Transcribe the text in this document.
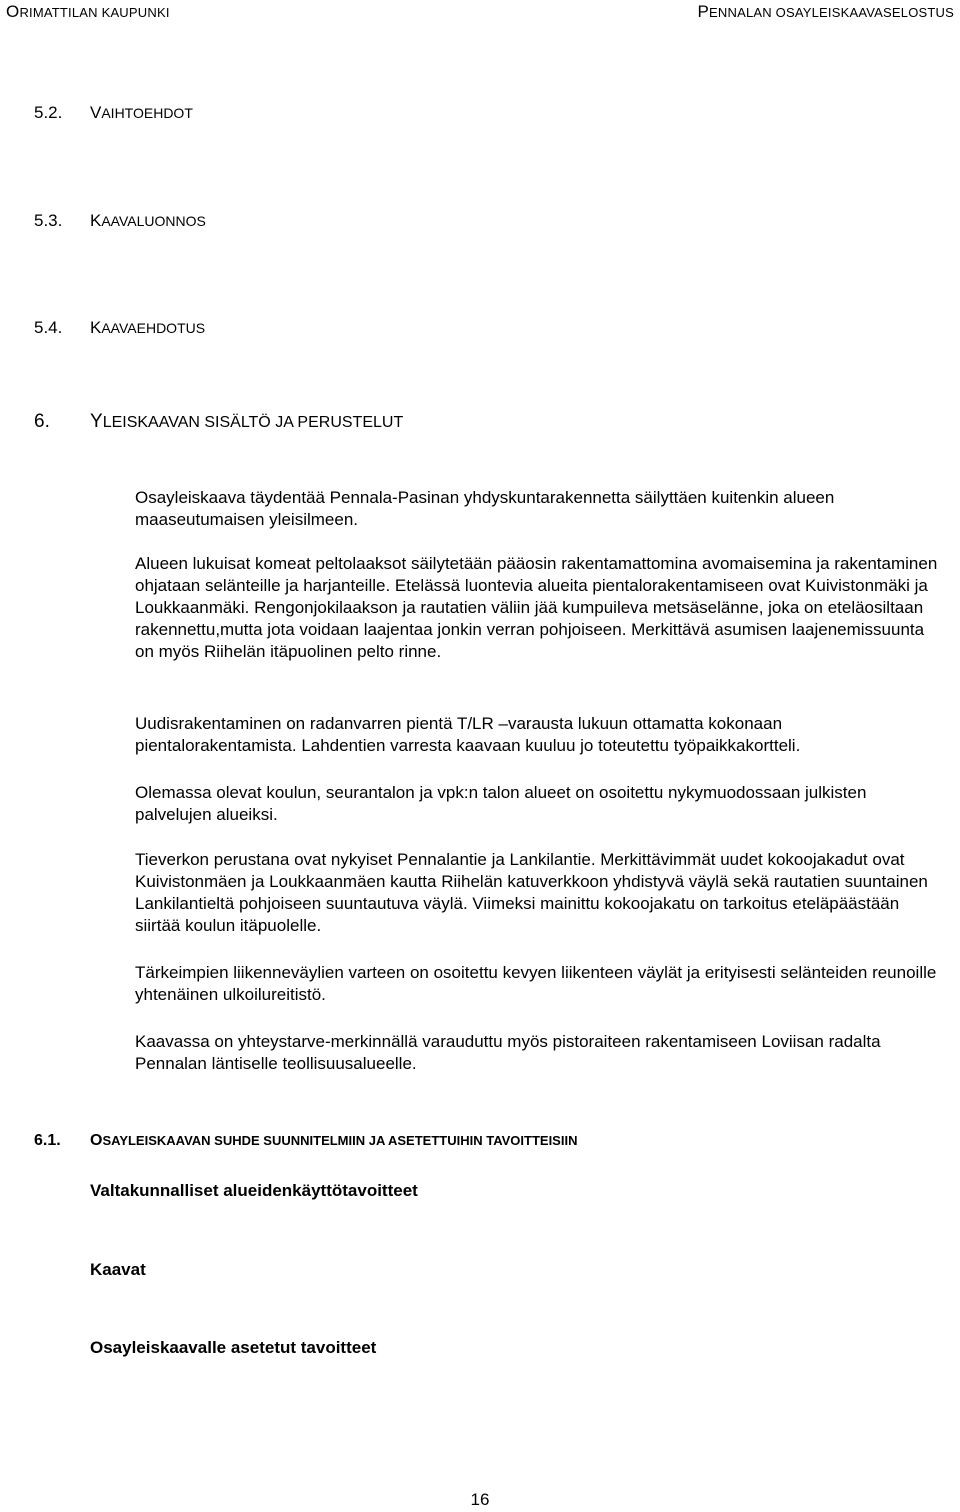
ORIMATTILAN KAUPUNKI	PENNALAN OSAYLEISKAAVASELOSTUS
5.2. VAIHTOEHDOT
5.3. KAAVALUONNOS
5.4. KAAVAEHDOTUS
6. YLEISKAAVAN SISÄLTÖ JA PERUSTELUT

Osayleiskaava täydentää Pennala-Pasinan yhdyskuntarakennetta säilyttäen kuitenkin alueen maaseutumaisen yleisilmeen.

Alueen lukuisat komeat peltolaaksot säilytetään pääosin rakentamattomina avomaisemina ja rakentaminen ohjataan selänteille ja harjanteille. Etelässä luontevia alueita pientalorakentamiseen ovat Kuivistonmäki ja Loukkaanmäki. Rengonjokilaakson ja rautatien väliin jää kumpuileva metsäselänne, joka on eteläosiltaan rakennettu,mutta jota voidaan laajentaa jonkin verran pohjoiseen. Merkittävä asumisen laajenemissuunta on myös Riihelän itäpuolinen pelto rinne.

Uudisrakentaminen on radanvarren pientä T/LR –varausta lukuun ottamatta kokonaan pientalorakentamista. Lahdentien varresta kaavaan kuuluu jo toteutettu työpaikkakortteli.

Olemassa olevat koulun, seurantalon ja vpk:n talon alueet on osoitettu nykymuodossaan julkisten palvelujen alueiksi.

Tieverkon perustana ovat nykyiset Pennalantie ja Lankilantie. Merkittävimmät uudet kokoojakadut ovat Kuivistonmäen ja Loukkaanmäen kautta Riihelän katuverkkoon yhdistyvä väylä sekä rautatien suuntainen Lankilantieltä pohjoiseen suuntautuva väylä. Viimeksi mainittu kokoojakatu on tarkoitus eteläpäästään siirtää koulun itäpuolelle.

Tärkeimpien liikenneväylien varteen on osoitettu kevyen liikenteen väylät ja erityisesti selänteiden reunoille yhtenäinen ulkoilureitistö.

Kaavassa on yhteystarve-merkinnällä varauduttu myös pistoraiteen rakentamiseen Loviisan radalta Pennalan läntiselle teollisuusalueelle.

6.1. OSAYLEISKAAVAN SUHDE SUUNNITELMIIN JA ASETETTUIHIN TAVOITTEISIIN

Valtakunnalliset alueidenkäyttötavoitteet

Kaavat

Osayleiskaavalle asetetut tavoitteet

16
